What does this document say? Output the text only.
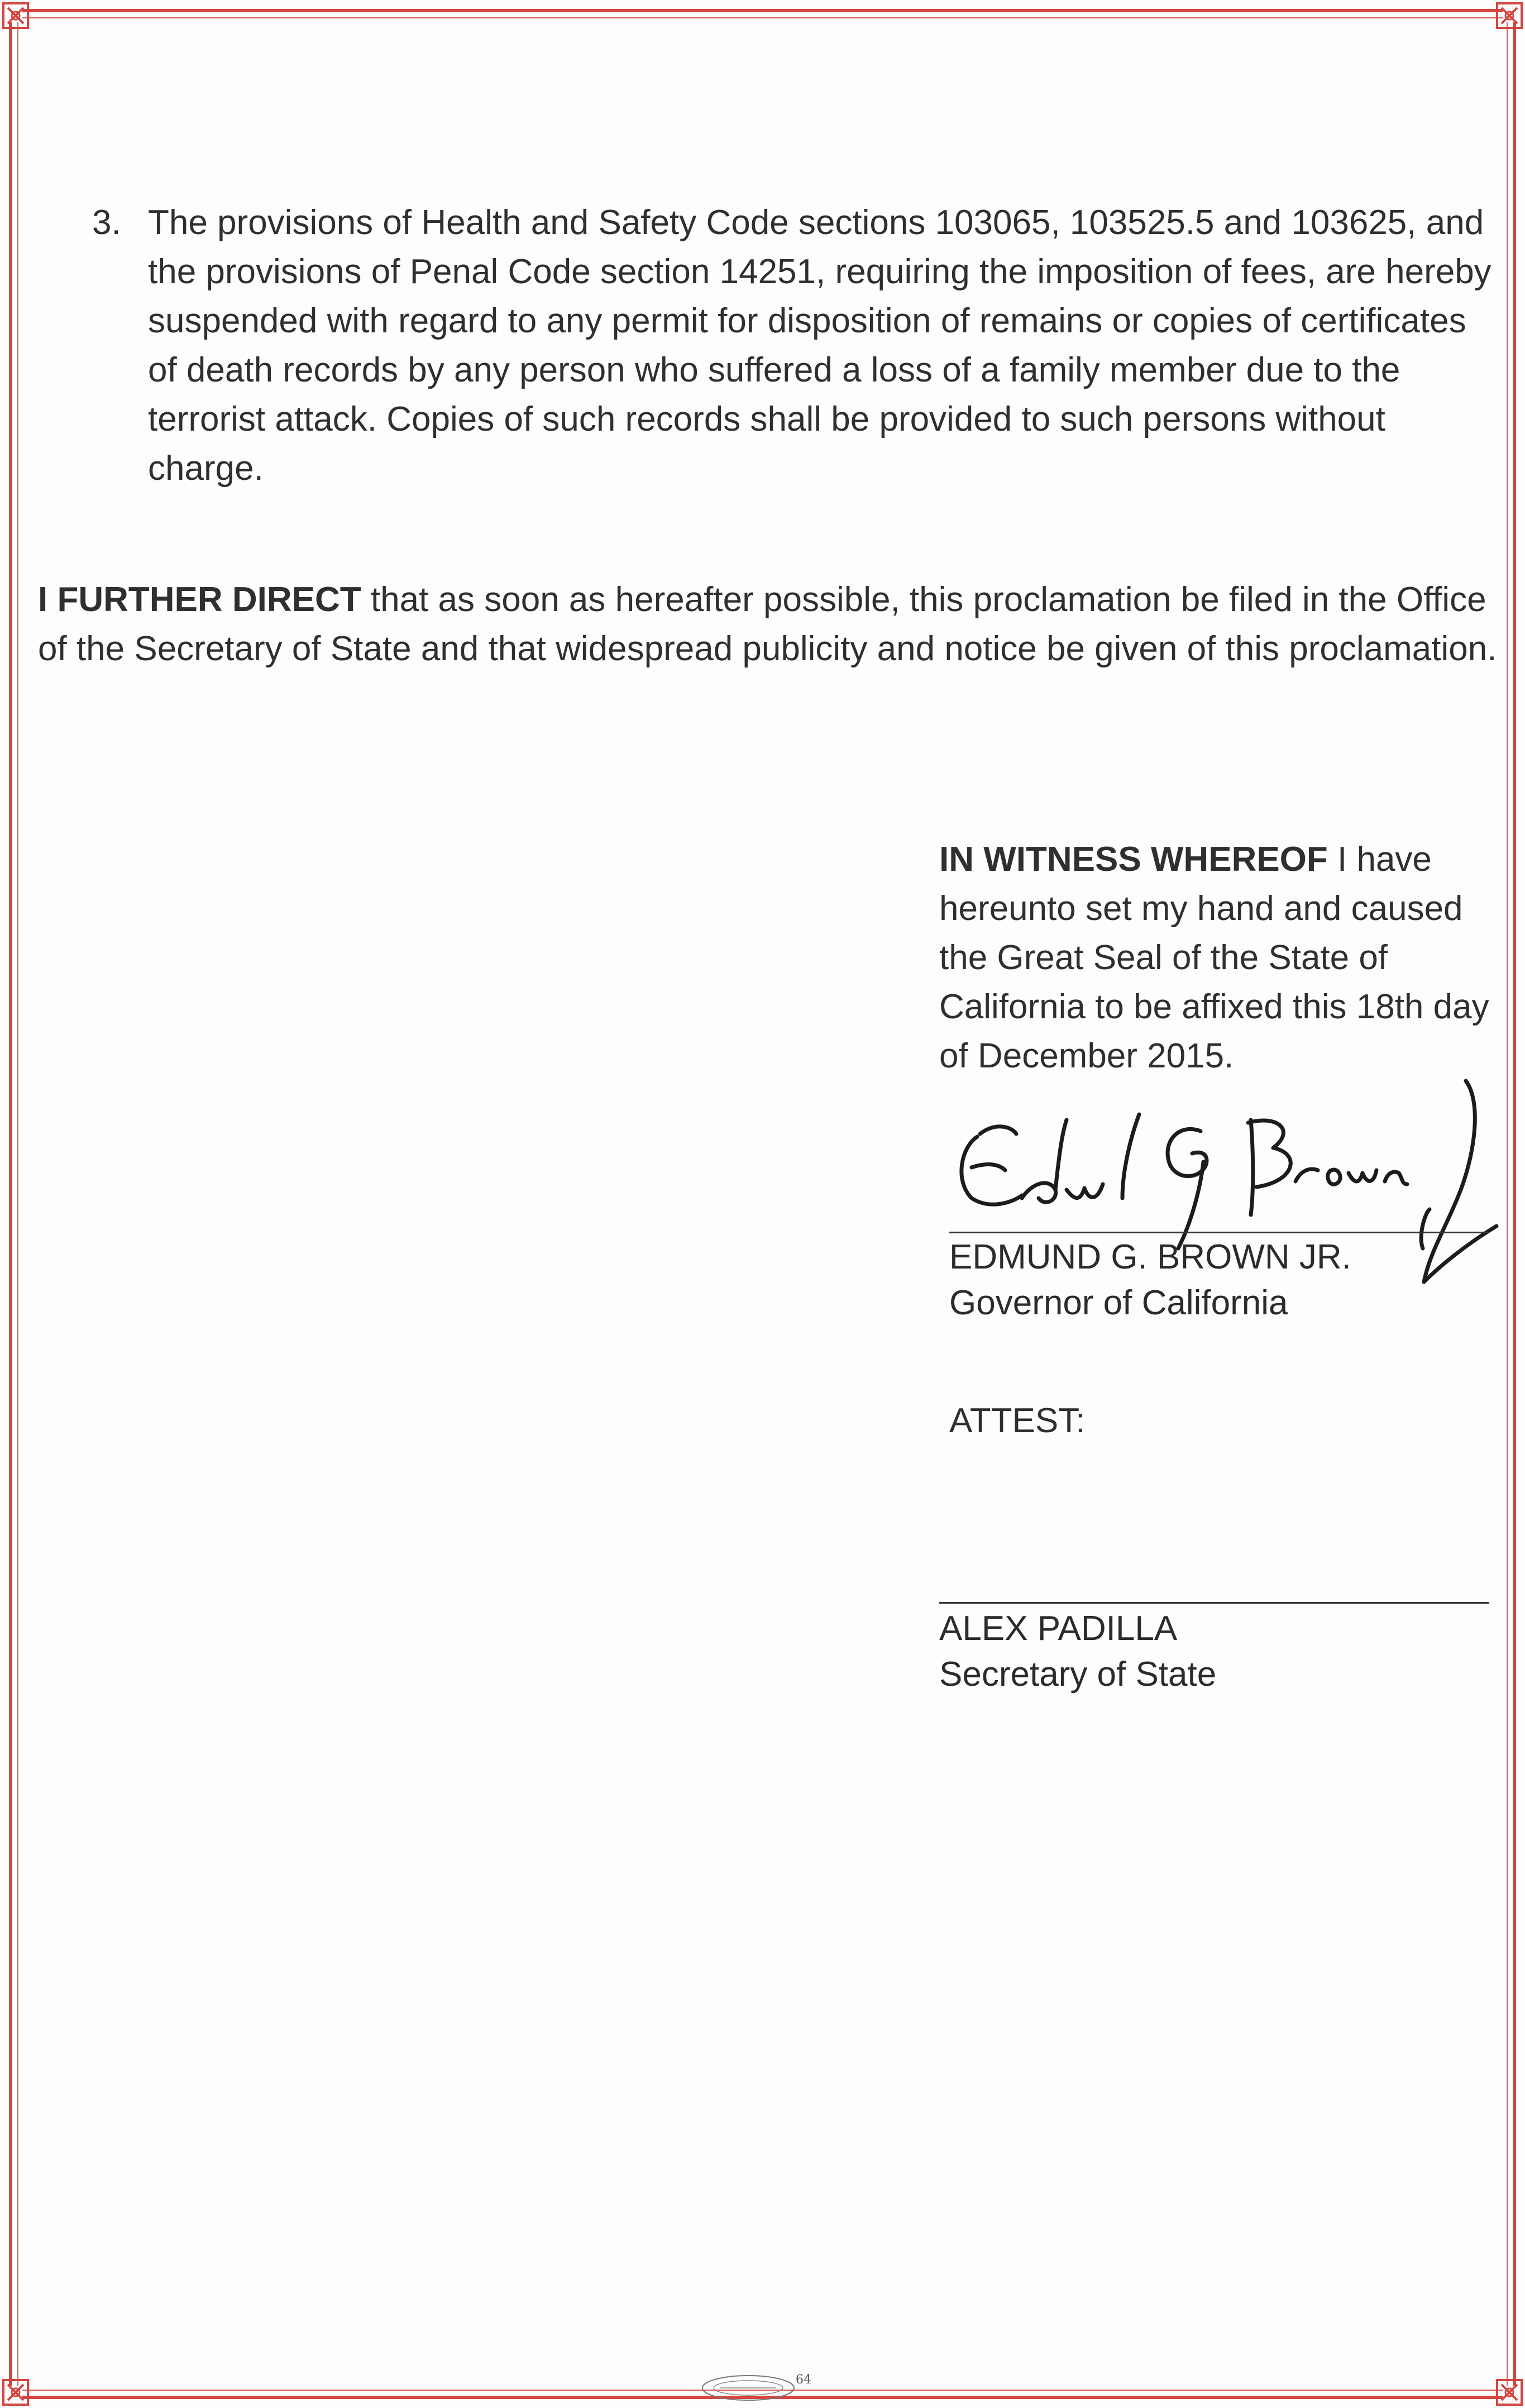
3. The provisions of Health and Safety Code sections 103065, 103525.5 and 103625, and the provisions of Penal Code section 14251, requiring the imposition of fees, are hereby suspended with regard to any permit for disposition of remains or copies of certificates of death records by any person who suffered a loss of a family member due to the terrorist attack. Copies of such records shall be provided to such persons without charge.
I FURTHER DIRECT that as soon as hereafter possible, this proclamation be filed in the Office of the Secretary of State and that widespread publicity and notice be given of this proclamation.
IN WITNESS WHEREOF I have hereunto set my hand and caused the Great Seal of the State of California to be affixed this 18th day of December 2015.
EDMUND G. BROWN JR.
Governor of California
ATTEST:
ALEX PADILLA
Secretary of State
64
